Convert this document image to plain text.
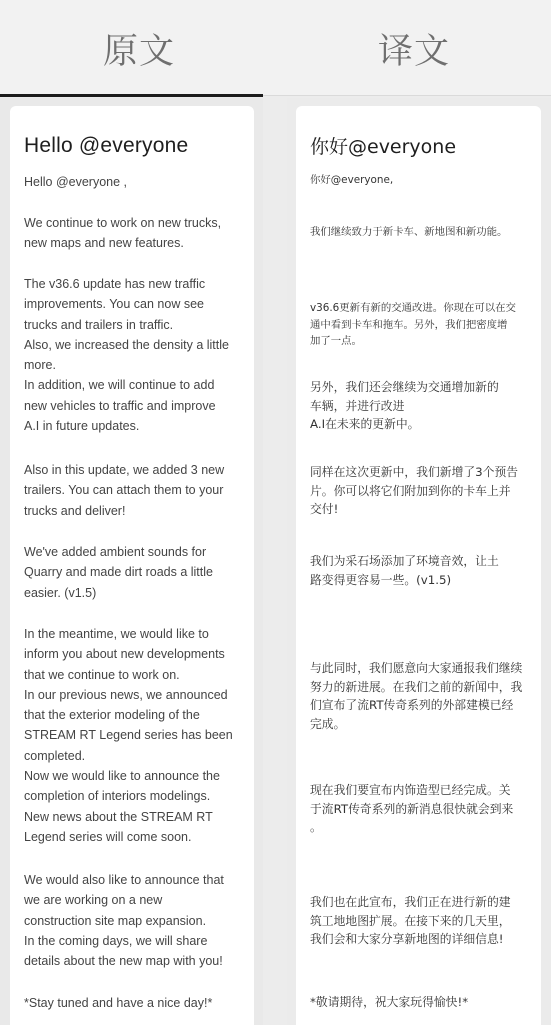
原文	译文

Hello @everyone

Hello @everyone ,

We continue to work on new trucks,
new maps and new features.

The v36.6 update has new traffic
improvements. You can now see
trucks and trailers in traffic.
Also, we increased the density a little
more.
In addition, we will continue to add
new vehicles to traffic and improve
A.I in future updates.

Also in this update, we added 3 new
trailers. You can attach them to your
trucks and deliver!

We've added ambient sounds for
Quarry and made dirt roads a little
easier. (v1.5)

In the meantime, we would like to
inform you about new developments
that we continue to work on.
In our previous news, we announced
that the exterior modeling of the
STREAM RT Legend series has been
completed.
Now we would like to announce the
completion of interiors modelings.
New news about the STREAM RT
Legend series will come soon.

We would also like to announce that
we are working on a new
construction site map expansion.
In the coming days, we will share
details about the new map with you!

*Stay tuned and have a nice day!*

你好@everyone

你好@everyone,

我们继续致力于新卡车、新地图和新功能。

v36.6更新有新的交通改进。你现在可以在交
通中看到卡车和拖车。另外，我们把密度增
加了一点。

另外，我们还会继续为交通增加新的
车辆，并进行改进
A.I在未来的更新中。

同样在这次更新中，我们新增了3个预告
片。你可以将它们附加到你的卡车上并
交付!

我们为采石场添加了环境音效，让土
路变得更容易一些。(v1.5)

与此同时，我们愿意向大家通报我们继续
努力的新进展。在我们之前的新闻中，我
们宣布了流RT传奇系列的外部建模已经
完成。

现在我们要宣布内饰造型已经完成。关
于流RT传奇系列的新消息很快就会到来
。

我们也在此宣布，我们正在进行新的建
筑工地地图扩展。在接下来的几天里，
我们会和大家分享新地图的详细信息!

*敬请期待，祝大家玩得愉快!*
